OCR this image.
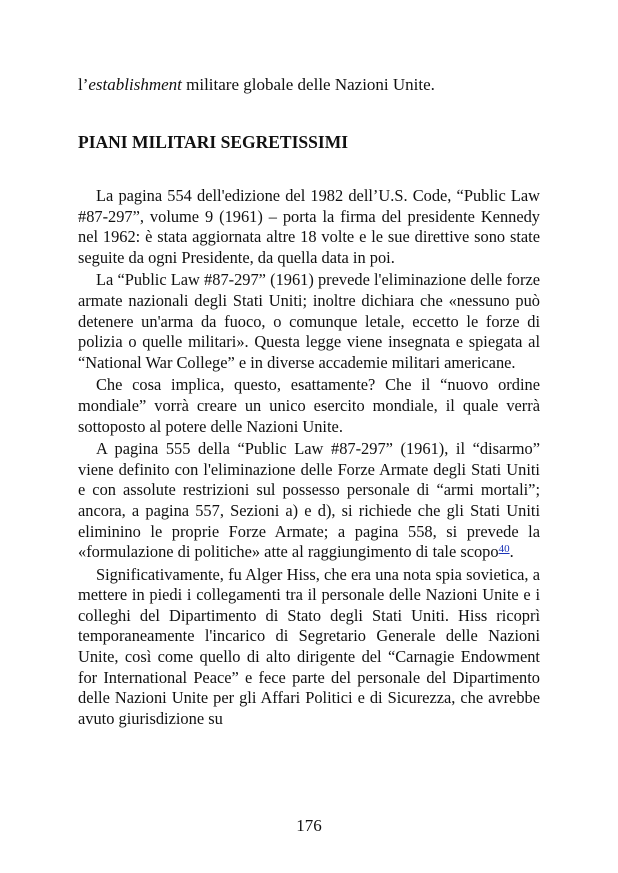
l’establishment militare globale delle Nazioni Unite.
PIANI MILITARI SEGRETISSIMI

La pagina 554 dell'edizione del 1982 dell’U.S. Code, “Public Law #87-297”, volume 9 (1961) – porta la firma del presidente Kennedy nel 1962: è stata aggiornata altre 18 volte e le sue direttive sono state seguite da ogni Presidente, da quella data in poi.

La “Public Law #87-297” (1961) prevede l'eliminazione delle forze armate nazionali degli Stati Uniti; inoltre dichiara che «nessuno può detenere un'arma da fuoco, o comunque letale, eccetto le forze di polizia o quelle militari». Questa legge viene insegnata e spiegata al “National War College” e in diverse accademie militari americane.

Che cosa implica, questo, esattamente? Che il “nuovo ordine mondiale” vorrà creare un unico esercito mondiale, il quale verrà sottoposto al potere delle Nazioni Unite.

A pagina 555 della “Public Law #87-297” (1961), il “disarmo” viene definito con l'eliminazione delle Forze Armate degli Stati Uniti e con assolute restrizioni sul possesso personale di “armi mortali”; ancora, a pagina 557, Sezioni a) e d), si richiede che gli Stati Uniti eliminino le proprie Forze Armate; a pagina 558, si prevede la «formulazione di politiche» atte al raggiungimento di tale scopo$^{40}$.

Significativamente, fu Alger Hiss, che era una nota spia sovietica, a mettere in piedi i collegamenti tra il personale delle Nazioni Unite e i colleghi del Dipartimento di Stato degli Stati Uniti. Hiss ricoprì temporaneamente l'incarico di Segretario Generale delle Nazioni Unite, così come quello di alto dirigente del “Carnagie Endowment for International Peace” e fece parte del personale del Dipartimento delle Nazioni Unite per gli Affari Politici e di Sicurezza, che avrebbe avuto giurisdizione su

176
